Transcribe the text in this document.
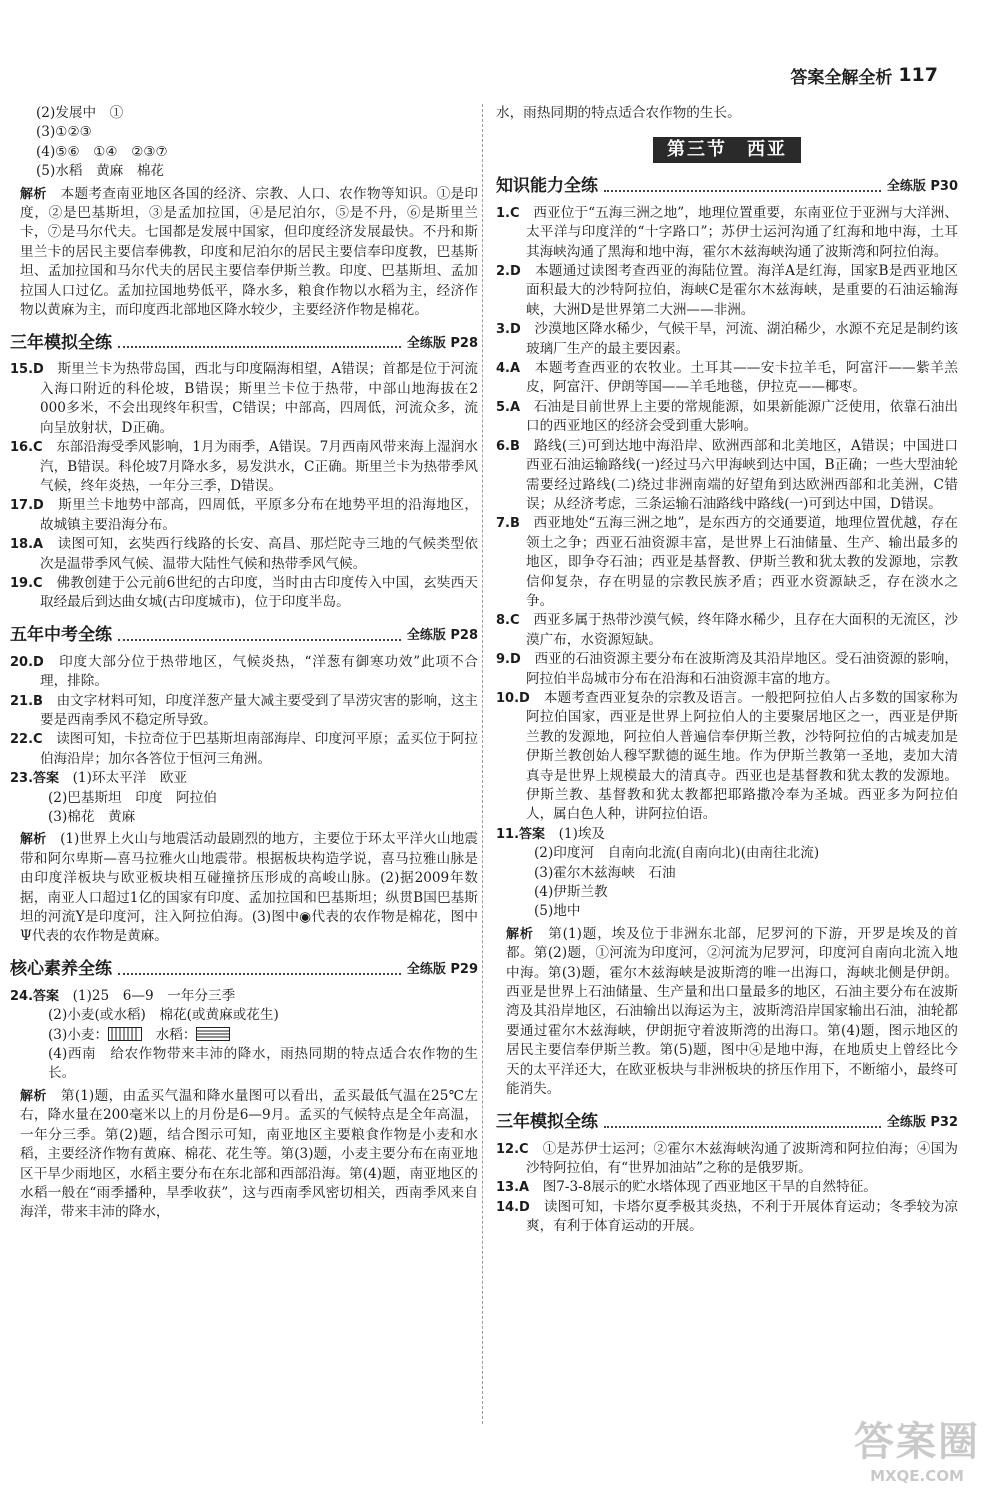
答案全解全析 117

(2)发展中　①

(3)①②③

(4)⑤⑥　①④　②③⑦

(5)水稻　黄麻　棉花

解析　 本题考查南亚地区各国的经济、宗教、人口、农作物等知识。①是印度，②是巴基斯坦，③是孟加拉国，④是尼泊尔，⑤是不丹，⑥是斯里兰卡，⑦是马尔代夫。七国都是发展中国家，但印度经济发展最快。不丹和斯里兰卡的居民主要信奉佛教，印度和尼泊尔的居民主要信奉印度教，巴基斯坦、孟加拉国和马尔代夫的居民主要信奉伊斯兰教。印度、巴基斯坦、孟加拉国人口过亿。孟加拉国地势低平，降水多，粮食作物以水稻为主，经济作物以黄麻为主，而印度西北部地区降水较少，主要经济作物是棉花。

三年模拟全练	全练版 P28

15.D　 斯里兰卡为热带岛国，西北与印度隔海相望，A错误；首都是位于河流入海口附近的科伦坡，B错误；斯里兰卡位于热带，中部山地海拔在2 000多米，不会出现终年积雪，C错误；中部高，四周低，河流众多，流向呈放射状，D正确。

16.C　 东部沿海受季风影响，1月为雨季，A错误。7月西南风带来海上湿润水汽，B错误。科伦坡7月降水多，易发洪水，C正确。斯里兰卡为热带季风气候，终年炎热，一年分三季，D错误。

17.D　 斯里兰卡地势中部高，四周低，平原多分布在地势平坦的沿海地区，故城镇主要沿海分布。

18.A　 读图可知，玄奘西行线路的长安、高昌、那烂陀寺三地的气候类型依次是温带季风气候、温带大陆性气候和热带季风气候。

19.C　 佛教创建于公元前6世纪的古印度，当时由古印度传入中国，玄奘西天取经最后到达曲女城(古印度城市)，位于印度半岛。

五年中考全练	全练版 P28

20.D　 印度大部分位于热带地区，气候炎热，“洋葱有御寒功效”此项不合理，排除。

21.B　 由文字材料可知，印度洋葱产量大减主要受到了旱涝灾害的影响，这主要是西南季风不稳定所导致。

22.C　 读图可知，卡拉奇位于巴基斯坦南部海岸、印度河平原；孟买位于阿拉伯海沿岸；加尔各答位于恒河三角洲。

23.答案　 (1)环太平洋　欧亚

(2)巴基斯坦　印度　阿拉伯

(3)棉花　黄麻

解析　 (1)世界上火山与地震活动最剧烈的地方，主要位于环太平洋火山地震带和阿尔卑斯—喜马拉雅火山地震带。根据板块构造学说，喜马拉雅山脉是由印度洋板块与欧亚板块相互碰撞挤压形成的高峻山脉。(2)据2009年数据，南亚人口超过1亿的国家有印度、孟加拉国和巴基斯坦；纵贯B国巴基斯坦的河流Y是印度河，注入阿拉伯海。(3)图中◉代表的农作物是棉花，图中Ψ代表的农作物是黄麻。

核心素养全练	全练版 P29

24.答案　 (1)25　6—9　一年分三季

(2)小麦(或水稻)　棉花(或黄麻或花生)

(3)小麦：	　水稻：

(4)西南　给农作物带来丰沛的降水，雨热同期的特点适合农作物的生长。

解析　 第(1)题，由孟买气温和降水量图可以看出，孟买最低气温在25℃左右，降水量在200毫米以上的月份是6—9月。孟买的气候特点是全年高温，一年分三季。第(2)题，结合图示可知，南亚地区主要粮食作物是小麦和水稻，主要经济作物有黄麻、棉花、花生等。第(3)题，小麦主要分布在南亚地区干旱少雨地区，水稻主要分布在东北部和西部沿海。第(4)题，南亚地区的水稻一般在“雨季播种，旱季收获”，这与西南季风密切相关，西南季风来自海洋，带来丰沛的降水，

水，雨热同期的特点适合农作物的生长。

第三节　西亚
知识能力全练	全练版 P30

1.C　 西亚位于“五海三洲之地”，地理位置重要，东南亚位于亚洲与大洋洲、太平洋与印度洋的“十字路口”；苏伊士运河沟通了红海和地中海，土耳其海峡沟通了黑海和地中海，霍尔木兹海峡沟通了波斯湾和阿拉伯海。

2.D　 本题通过读图考查西亚的海陆位置。海洋A是红海，国家B是西亚地区面积最大的沙特阿拉伯，海峡C是霍尔木兹海峡，是重要的石油运输海峡，大洲D是世界第二大洲——非洲。

3.D　 沙漠地区降水稀少，气候干旱，河流、湖泊稀少，水源不充足是制约该玻璃厂生产的最主要因素。

4.A　 本题考查西亚的农牧业。土耳其——安卡拉羊毛，阿富汗——紫羊羔皮，阿富汗、伊朗等国——羊毛地毯，伊拉克——椰枣。

5.A　 石油是目前世界上主要的常规能源，如果新能源广泛使用，依靠石油出口的西亚地区的经济会受到重大影响。

6.B　 路线(三)可到达地中海沿岸、欧洲西部和北美地区，A错误；中国进口西亚石油运输路线(一)经过马六甲海峡到达中国，B正确；一些大型油轮需要经过路线(二)绕过非洲南端的好望角到达欧洲西部和北美洲，C错误；从经济考虑，三条运输石油路线中路线(一)可到达中国，D错误。

7.B　 西亚地处“五海三洲之地”，是东西方的交通要道，地理位置优越，存在领土之争；西亚石油资源丰富，是世界上石油储量、生产、输出最多的地区，即争夺石油；西亚是基督教、伊斯兰教和犹太教的发源地，宗教信仰复杂，存在明显的宗教民族矛盾；西亚水资源缺乏，存在淡水之争。

8.C　 西亚多属于热带沙漠气候，终年降水稀少，且存在大面积的无流区，沙漠广布，水资源短缺。

9.D　 西亚的石油资源主要分布在波斯湾及其沿岸地区。受石油资源的影响，阿拉伯半岛城市分布在沿海和石油资源丰富的地方。

10.D　 本题考查西亚复杂的宗教及语言。一般把阿拉伯人占多数的国家称为阿拉伯国家，西亚是世界上阿拉伯人的主要聚居地区之一，西亚是伊斯兰教的发源地，阿拉伯人普遍信奉伊斯兰教，沙特阿拉伯的古城麦加是伊斯兰教创始人穆罕默德的诞生地。作为伊斯兰教第一圣地，麦加大清真寺是世界上规模最大的清真寺。西亚也是基督教和犹太教的发源地。伊斯兰教、基督教和犹太教都把耶路撒冷奉为圣城。西亚多为阿拉伯人，属白色人种，讲阿拉伯语。

11.答案　 (1)埃及

(2)印度河　自南向北流(自南向北)(由南往北流)

(3)霍尔木兹海峡　石油

(4)伊斯兰教

(5)地中

解析　 第(1)题，埃及位于非洲东北部，尼罗河的下游，开罗是埃及的首都。第(2)题，①河流为印度河，②河流为尼罗河，印度河自南向北流入地中海。第(3)题，霍尔木兹海峡是波斯湾的唯一出海口，海峡北侧是伊朗。西亚是世界上石油储量、生产量和出口量最多的地区，石油主要分布在波斯湾及其沿岸地区，石油输出以海运为主，波斯湾沿岸国家输出石油，油轮都要通过霍尔木兹海峡，伊朗扼守着波斯湾的出海口。第(4)题，图示地区的居民主要信奉伊斯兰教。第(5)题，图中④是地中海，在地质史上曾经比今天的太平洋还大，在欧亚板块与非洲板块的挤压作用下，不断缩小，最终可能消失。

三年模拟全练	全练版 P32

12.C　 ①是苏伊士运河；②霍尔木兹海峡沟通了波斯湾和阿拉伯海；④国为沙特阿拉伯，有“世界加油站”之称的是俄罗斯。

13.A　 图7-3-8展示的贮水塔体现了西亚地区干旱的自然特征。

14.D　 读图可知，卡塔尔夏季极其炎热，不利于开展体育运动；冬季较为凉爽，有利于体育运动的开展。

答案圈
MXQE.COM
